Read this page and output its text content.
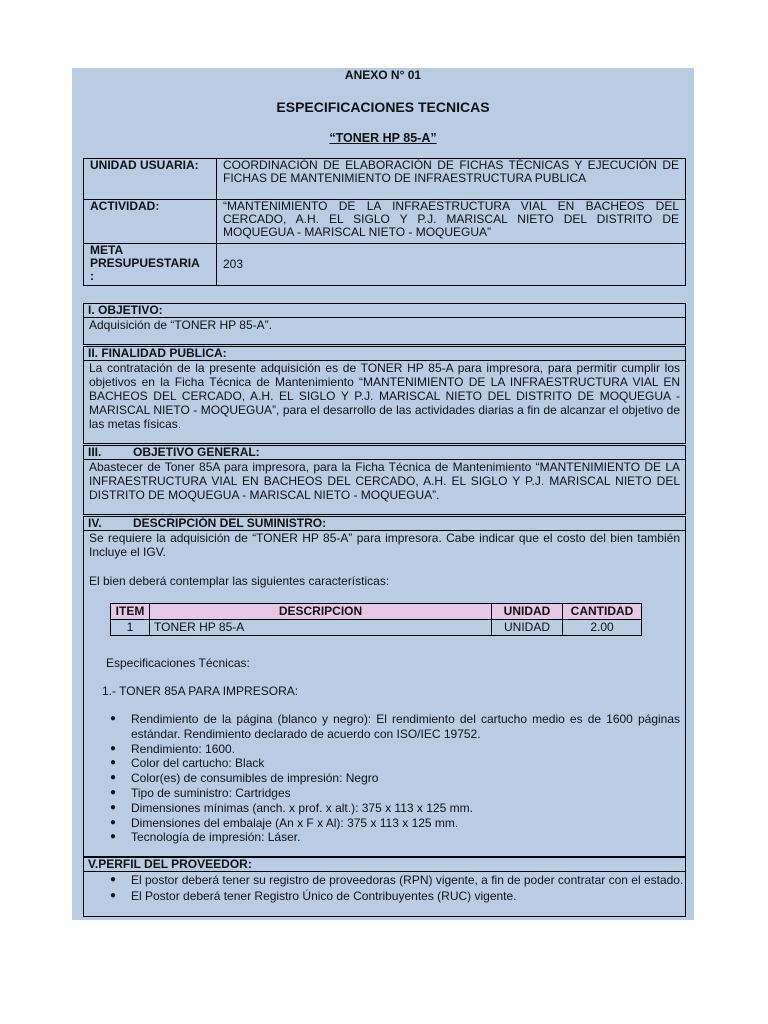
ANEXO N° 01
ESPECIFICACIONES TECNICAS
“TONER HP 85-A”
UNIDAD USUARIA:	COORDINACIÓN DE ELABORACIÓN DE FICHAS TÉCNICAS Y EJECUCIÓN DE FICHAS DE MANTENIMIENTO DE INFRAESTRUCTURA PUBLICA
ACTIVIDAD:	“MANTENIMIENTO DE LA INFRAESTRUCTURA VIAL EN BACHEOS DEL CERCADO, A.H. EL SIGLO Y P.J. MARISCAL NIETO DEL DISTRITO DE MOQUEGUA - MARISCAL NIETO - MOQUEGUA”
META
PRESUPUESTARIA
:	203
I. OBJETIVO:
Adquisición de “TONER HP 85-A”.
II. FINALIDAD PUBLICA:
La contratación de la presente adquisición es de TONER HP 85-A para impresora, para permitir cumplir los objetivos en la Ficha Técnica de Mantenimiento “MANTENIMIENTO DE LA INFRAESTRUCTURA VIAL EN BACHEOS DEL CERCADO, A.H. EL SIGLO Y P.J. MARISCAL NIETO DEL DISTRITO DE MOQUEGUA - MARISCAL NIETO - MOQUEGUA”, para el desarrollo de las actividades diarias a fin de alcanzar el objetivo de las metas físicas.
III.	OBJETIVO GENERAL:
Abastecer de Toner 85A para impresora, para la Ficha Técnica de Mantenimiento “MANTENIMIENTO DE LA INFRAESTRUCTURA VIAL EN BACHEOS DEL CERCADO, A.H. EL SIGLO Y P.J. MARISCAL NIETO DEL DISTRITO DE MOQUEGUA - MARISCAL NIETO - MOQUEGUA”.
IV.	DESCRIPCIÓN DEL SUMINISTRO:
Se requiere la adquisición de “TONER HP 85-A” para impresora. Cabe indicar que el costo del bien también Incluye el IGV.
El bien deberá contemplar las siguientes características:
ITEM	DESCRIPCION	UNIDAD	CANTIDAD
1	TONER HP 85-A	UNIDAD	2.00
Especificaciones Técnicas:
1.- TONER 85A PARA IMPRESORA:
● Rendimiento de la página (blanco y negro): El rendimiento del cartucho medio es de 1600 páginas estándar. Rendimiento declarado de acuerdo con ISO/IEC 19752.
● Rendimiento: 1600.
● Color del cartucho: Black
● Color(es) de consumibles de impresión: Negro
● Tipo de suministro: Cartridges
● Dimensiones mínimas (anch. x prof. x alt.): 375 x 113 x 125 mm.
● Dimensiones del embalaje (An x F x Al): 375 x 113 x 125 mm.
● Tecnología de impresión: Láser.
V.PERFIL DEL PROVEEDOR:
● El postor deberá tener su registro de proveedoras (RPN) vigente, a fin de poder contratar con el estado.
● El Postor deberá tener Registro Único de Contribuyentes (RUC) vigente.
